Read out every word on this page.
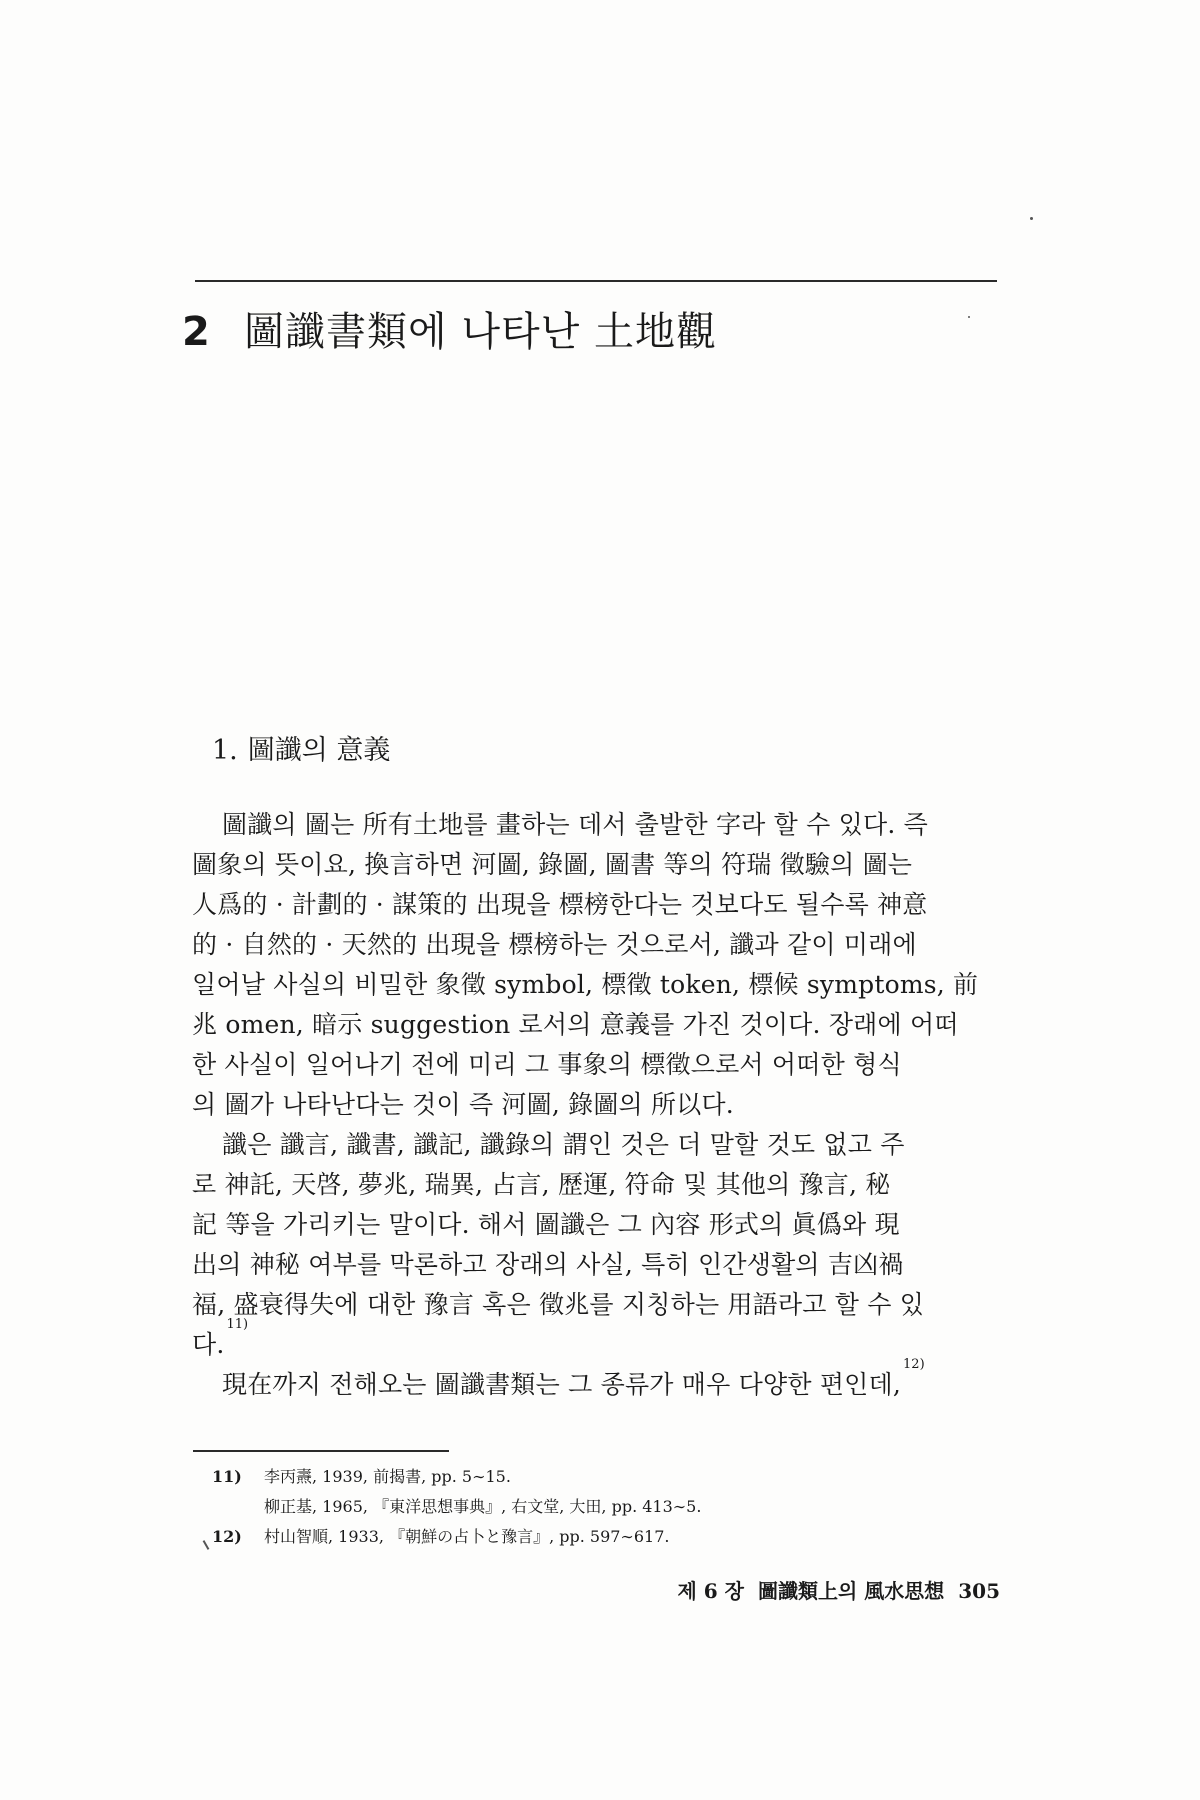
2 圖讖書類에 나타난 土地觀
1. 圖讖의 意義
圖讖의 圖는 所有土地를 畫하는 데서 출발한 字라 할 수 있다. 즉
圖象의 뜻이요, 換言하면 河圖, 錄圖, 圖書 等의 符瑞 徵驗의 圖는
人爲的 · 計劃的 · 謀策的 出現을 標榜한다는 것보다도 될수록 神意
的 · 自然的 · 天然的 出現을 標榜하는 것으로서, 讖과 같이 미래에
일어날 사실의 비밀한 象徵 symbol, 標徵 token, 標候 symptoms, 前
兆 omen, 暗示 suggestion 로서의 意義를 가진 것이다. 장래에 어떠
한 사실이 일어나기 전에 미리 그 事象의 標徵으로서 어떠한 형식
의 圖가 나타난다는 것이 즉 河圖, 錄圖의 所以다.
讖은 讖言, 讖書, 讖記, 讖錄의 謂인 것은 더 말할 것도 없고 주
로 神託, 天啓, 夢兆, 瑞異, 占言, 歷運, 符命 및 其他의 豫言, 秘
記 等을 가리키는 말이다. 해서 圖讖은 그 內容 形式의 眞僞와 現
出의 神秘 여부를 막론하고 장래의 사실, 특히 인간생활의 吉凶禍
福, 盛衰得失에 대한 豫言 혹은 徵兆를 지칭하는 用語라고 할 수 있
다.
11)
現在까지 전해오는 圖讖書類는 그 종류가 매우 다양한 편인데,
12)
11) 李丙燾, 1939, 前揭書, pp. 5∼15.
柳正基, 1965, 『東洋思想事典』, 右文堂, 大田, pp. 413∼5.
12) 村山智順, 1933, 『朝鮮の占卜と豫言』, pp. 597∼617.
제 6 장 圖讖類上의 風水思想 305
